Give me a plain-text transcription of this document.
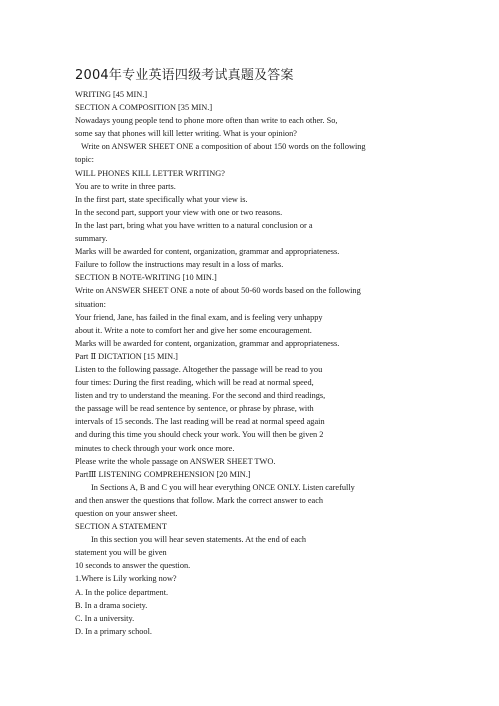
2004年专业英语四级考试真题及答案
WRITING [45 MIN.]
SECTION A COMPOSITION [35 MIN.]
Nowadays young people tend to phone more often than write to each other. So,
some say that phones will kill letter writing. What is your opinion?
Write on ANSWER SHEET ONE a composition of about 150 words on the following
topic:
WILL PHONES KILL LETTER WRITING?
You are to write in three parts.
In the first part, state specifically what your view is.
In the second part, support your view with one or two reasons.
In the last part, bring what you have written to a natural conclusion or a
summary.
Marks will be awarded for content, organization, grammar and appropriateness.
Failure to follow the instructions may result in a loss of marks.
SECTION B NOTE-WRITING [10 MIN.]
Write on ANSWER SHEET ONE a note of about 50-60 words based on the following
situation:
Your friend, Jane, has failed in the final exam, and is feeling very unhappy
about it. Write a note to comfort her and give her some encouragement.
Marks will be awarded for content, organization, grammar and appropriateness.
Part Ⅱ DICTATION [15 MIN.]
Listen to the following passage. Altogether the passage will be read to you
four times: During the first reading, which will be read at normal speed,
listen and try to understand the meaning. For the second and third readings,
the passage will be read sentence by sentence, or phrase by phrase, with
intervals of 15 seconds. The last reading will be read at normal speed again
and during this time you should check your work. You will then be given 2
minutes to check through your work once more.
Please write the whole passage on ANSWER SHEET TWO.
PartⅢ LISTENING COMPREHENSION [20 MIN.]
In Sections A, B and C you will hear everything ONCE ONLY. Listen carefully
and then answer the questions that follow. Mark the correct answer to each
question on your answer sheet.
SECTION A STATEMENT
In this section you will hear seven statements. At the end of each
statement you will be given
10 seconds to answer the question.
1.Where is Lily working now?
A. In the police department.
B. In a drama society.
C. In a university.
D. In a primary school.
